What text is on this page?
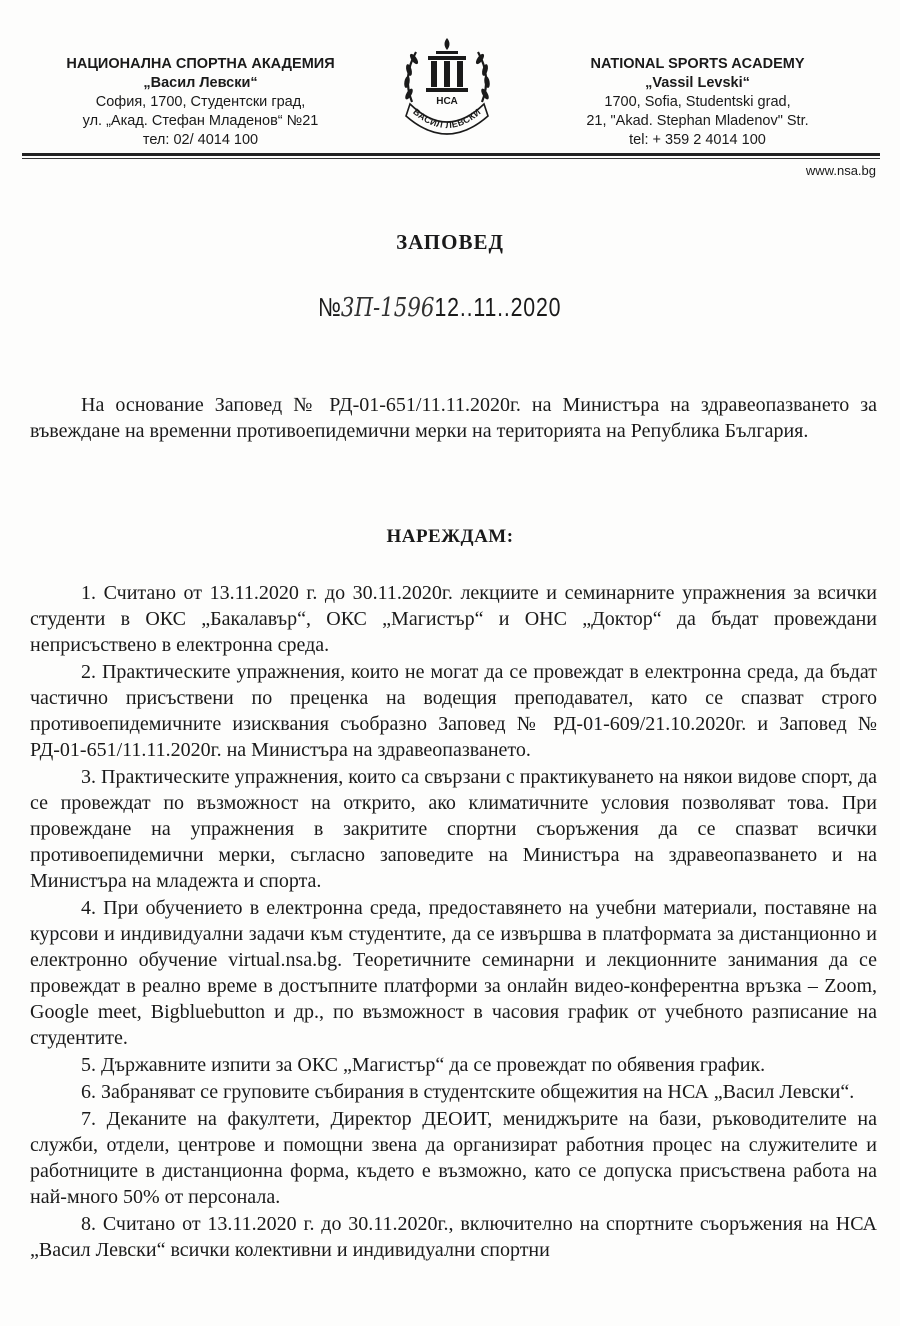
НАЦИОНАЛНА СПОРТНА АКАДЕМИЯ
„Васил Левски“
София, 1700, Студентски град,
ул. „Акад. Стефан Младенов“ №21
тел: 02/ 4014 100
НСА
ВАСИЛ ЛЕВСКИ
NATIONAL SPORTS ACADEMY
„Vassil Levski“
1700, Sofia, Studentski grad,
21, "Akad. Stephan Mladenov" Str.
tel: + 359 2 4014 100
www.nsa.bg
ЗАПОВЕД
№3П-159612..11..2020

На основание Заповед № РД-01-651/11.11.2020г. на Министъра на здравеопазването за въвеждане на временни противоепидемични мерки на територията на Република България.

НАРЕЖДАМ:

1. Считано от 13.11.2020 г. до 30.11.2020г. лекциите и семинарните упражнения за всички студенти в ОКС „Бакалавър“, ОКС „Магистър“ и ОНС „Доктор“ да бъдат провеждани неприсъствено в електронна среда.

2. Практическите упражнения, които не могат да се провеждат в електронна среда, да бъдат частично присъствени по преценка на водещия преподавател, като се спазват строго противоепидемичните изисквания съобразно Заповед № РД-01-609/21.10.2020г. и Заповед № РД-01-651/11.11.2020г. на Министъра на здравеопазването.

3. Практическите упражнения, които са свързани с практикуването на някои видове спорт, да се провеждат по възможност на открито, ако климатичните условия позволяват това. При провеждане на упражнения в закритите спортни съоръжения да се спазват всички противоепидемични мерки, съгласно заповедите на Министъра на здравеопазването и на Министъра на младежта и спорта.

4. При обучението в електронна среда, предоставянето на учебни материали, поставяне на курсови и индивидуални задачи към студентите, да се извършва в платформата за дистанционно и електронно обучение virtual.nsa.bg. Теоретичните семинарни и лекционните занимания да се провеждат в реално време в достъпните платформи за онлайн видео-конферентна връзка – Zoom, Google meet, Bigbluebutton и др., по възможност в часовия график от учебното разписание на студентите.

5. Държавните изпити за ОКС „Магистър“ да се провеждат по обявения график.

6. Забраняват се груповите събирания в студентските общежития на НСА „Васил Левски“.

7. Деканите на факултети, Директор ДЕОИТ, мениджърите на бази, ръководителите на служби, отдели, центрове и помощни звена да организират работния процес на служителите и работниците в дистанционна форма, където е възможно, като се допуска присъствена работа на най-много 50% от персонала.

8. Считано от 13.11.2020 г. до 30.11.2020г., включително на спортните съоръжения на НСА „Васил Левски“ всички колективни и индивидуални спортни
